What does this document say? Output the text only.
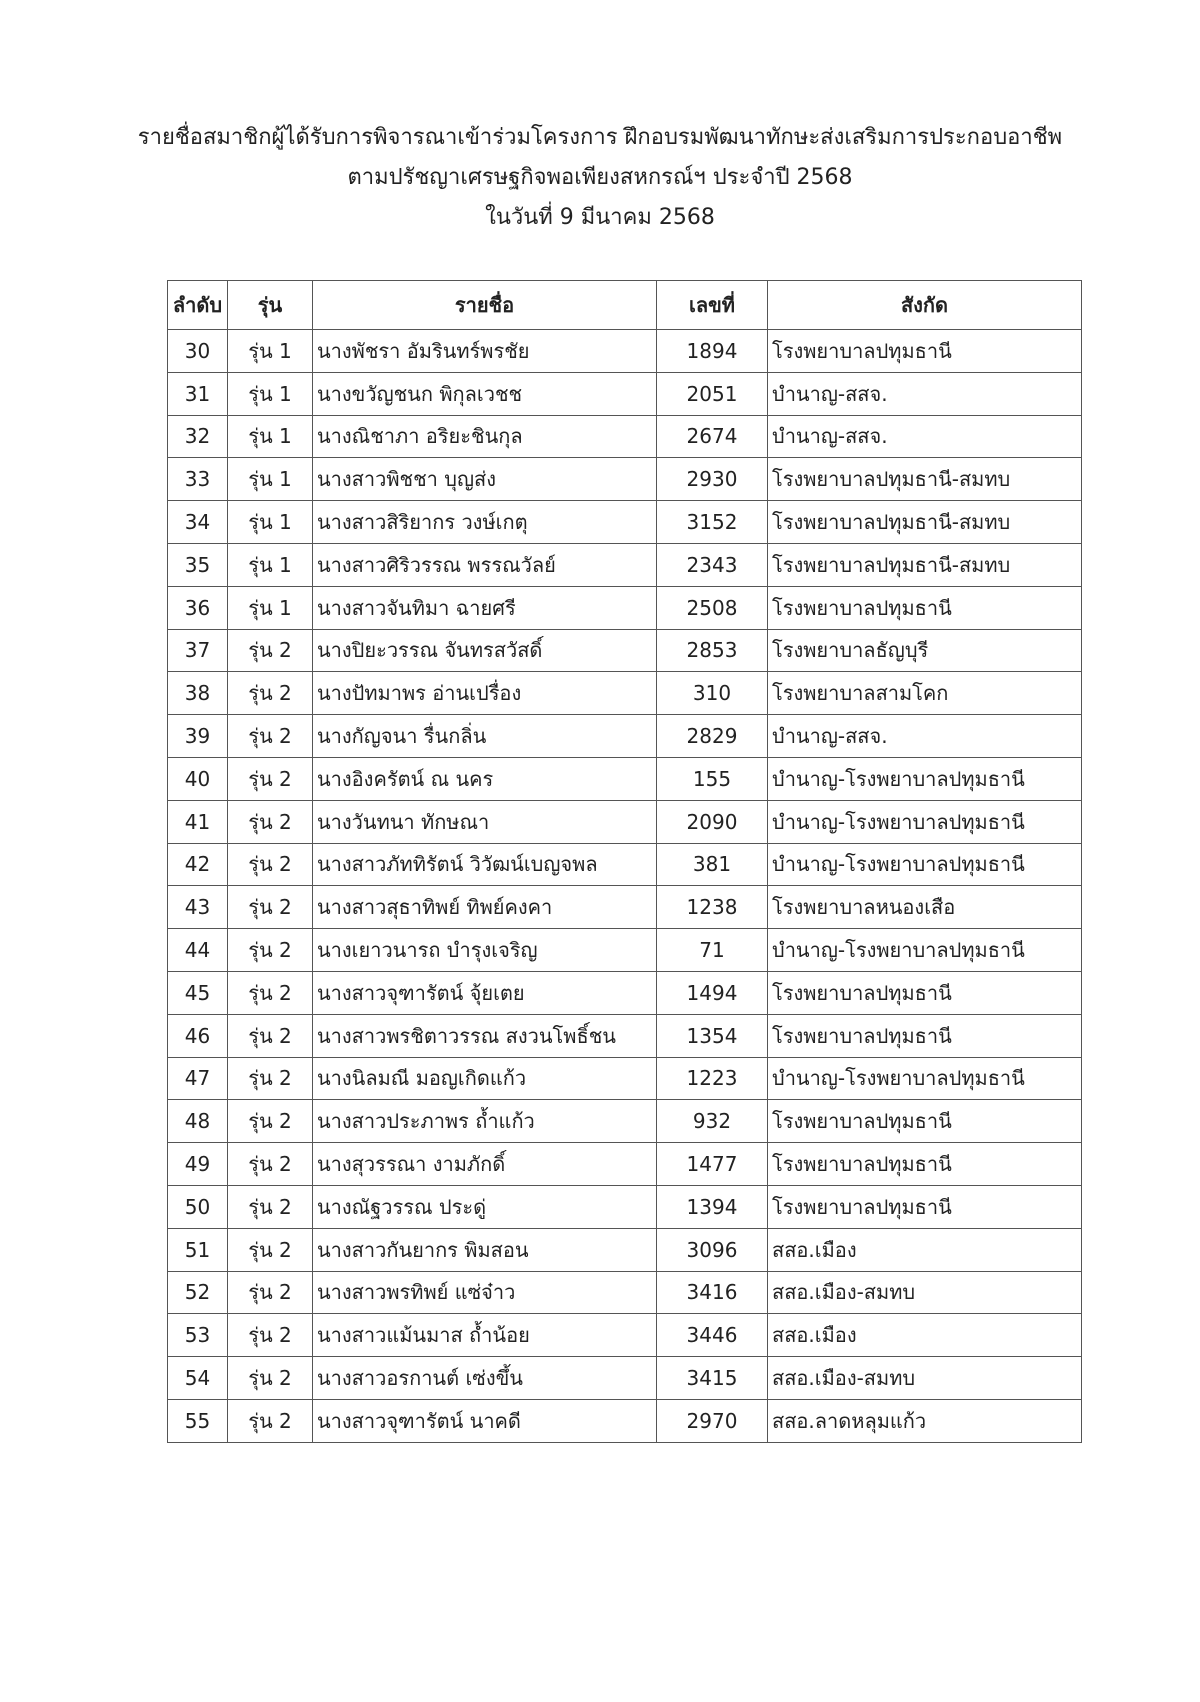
รายชื่อสมาชิกผู้ได้รับการพิจารณาเข้าร่วมโครงการ ฝึกอบรมพัฒนาทักษะส่งเสริมการประกอบอาชีพ
ตามปรัชญาเศรษฐกิจพอเพียงสหกรณ์ฯ ประจำปี 2568
ในวันที่ 9 มีนาคม 2568
ลำดับ	รุ่น	รายชื่อ	เลขที่	สังกัด
30	รุ่น 1	นางพัชรา อัมรินทร์พรชัย	1894	โรงพยาบาลปทุมธานี
31	รุ่น 1	นางขวัญชนก พิกุลเวชช	2051	บำนาญ-สสจ.
32	รุ่น 1	นางณิชาภา อริยะชินกุล	2674	บำนาญ-สสจ.
33	รุ่น 1	นางสาวพิชชา บุญส่ง	2930	โรงพยาบาลปทุมธานี-สมทบ
34	รุ่น 1	นางสาวสิริยากร วงษ์เกตุ	3152	โรงพยาบาลปทุมธานี-สมทบ
35	รุ่น 1	นางสาวศิริวรรณ พรรณวัลย์	2343	โรงพยาบาลปทุมธานี-สมทบ
36	รุ่น 1	นางสาวจันทิมา ฉายศรี	2508	โรงพยาบาลปทุมธานี
37	รุ่น 2	นางปิยะวรรณ จันทรสวัสดิ์	2853	โรงพยาบาลธัญบุรี
38	รุ่น 2	นางปัทมาพร อ่านเปรื่อง	310	โรงพยาบาลสามโคก
39	รุ่น 2	นางกัญจนา รื่นกลิ่น	2829	บำนาญ-สสจ.
40	รุ่น 2	นางอิงครัตน์ ณ นคร	155	บำนาญ-โรงพยาบาลปทุมธานี
41	รุ่น 2	นางวันทนา ทักษณา	2090	บำนาญ-โรงพยาบาลปทุมธานี
42	รุ่น 2	นางสาวภัททิรัตน์ วิวัฒน์เบญจพล	381	บำนาญ-โรงพยาบาลปทุมธานี
43	รุ่น 2	นางสาวสุธาทิพย์ ทิพย์คงคา	1238	โรงพยาบาลหนองเสือ
44	รุ่น 2	นางเยาวนารถ บำรุงเจริญ	71	บำนาญ-โรงพยาบาลปทุมธานี
45	รุ่น 2	นางสาวจุฑารัตน์ จุ้ยเตย	1494	โรงพยาบาลปทุมธานี
46	รุ่น 2	นางสาวพรชิตาวรรณ สงวนโพธิ์ชน	1354	โรงพยาบาลปทุมธานี
47	รุ่น 2	นางนิลมณี มอญเกิดแก้ว	1223	บำนาญ-โรงพยาบาลปทุมธานี
48	รุ่น 2	นางสาวประภาพร ถ้ำแก้ว	932	โรงพยาบาลปทุมธานี
49	รุ่น 2	นางสุวรรณา งามภักดิ์	1477	โรงพยาบาลปทุมธานี
50	รุ่น 2	นางณัฐวรรณ ประดู่	1394	โรงพยาบาลปทุมธานี
51	รุ่น 2	นางสาวกันยากร พิมสอน	3096	สสอ.เมือง
52	รุ่น 2	นางสาวพรทิพย์ แซ่จ๋าว	3416	สสอ.เมือง-สมทบ
53	รุ่น 2	นางสาวแม้นมาส ถ้ำน้อย	3446	สสอ.เมือง
54	รุ่น 2	นางสาวอรกานต์ เซ่งขึ้น	3415	สสอ.เมือง-สมทบ
55	รุ่น 2	นางสาวจุฑารัตน์ นาคดี	2970	สสอ.ลาดหลุมแก้ว
